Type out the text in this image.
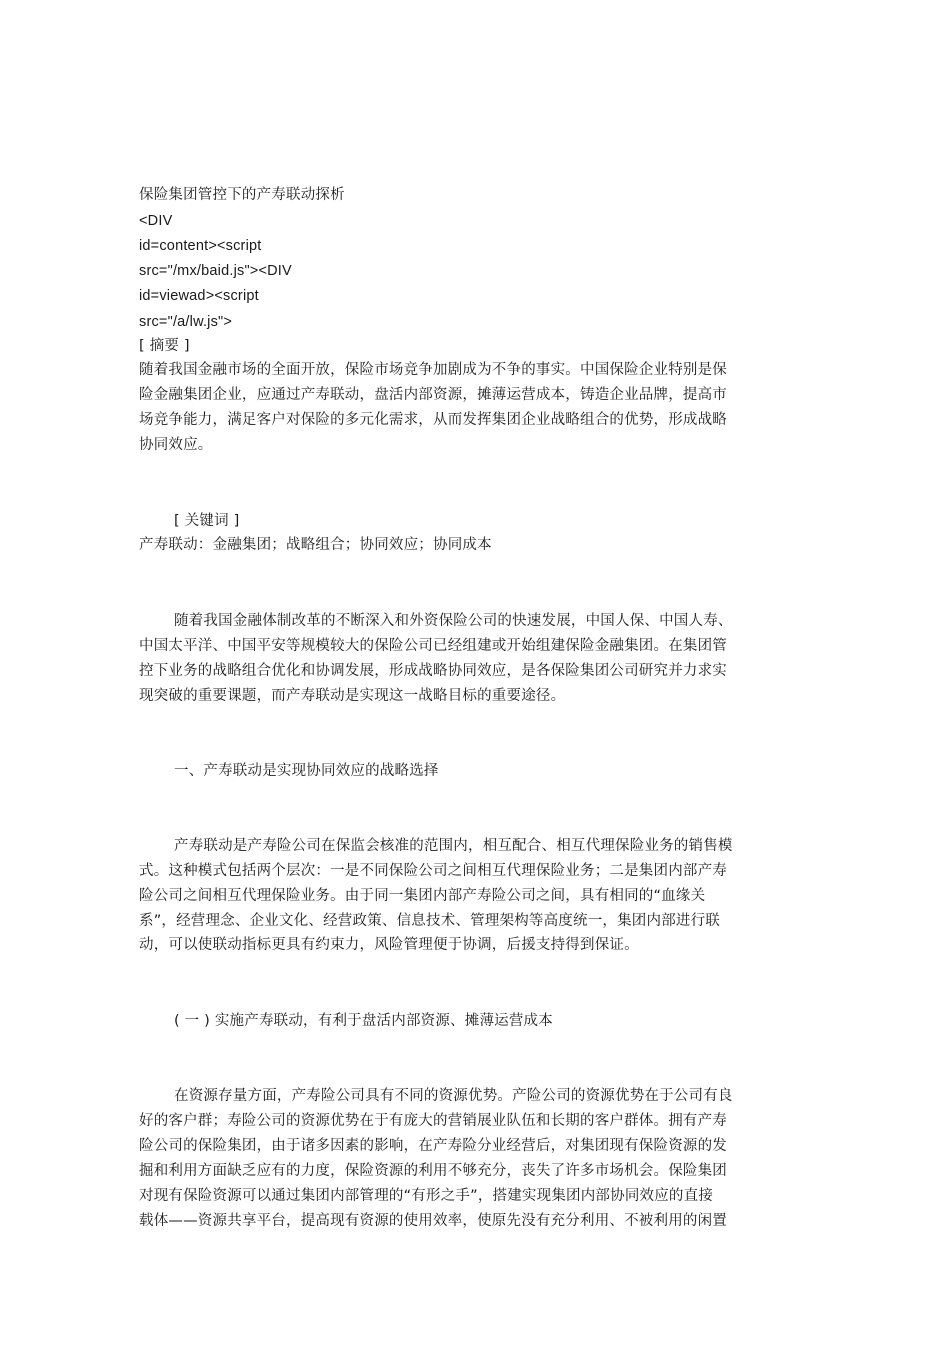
保险集团管控下的产寿联动探析
<DIV
id=content><script
src="/mx/baid.js"><DIV
id=viewad><script
src="/a/lw.js">
[ 摘要 ]
随着我国金融市场的全面开放，保险市场竞争加剧成为不争的事实。中国保险企业特别是保
险金融集团企业，应通过产寿联动，盘活内部资源，摊薄运营成本，铸造企业品牌，提高市
场竞争能力，满足客户对保险的多元化需求，从而发挥集团企业战略组合的优势，形成战略
协同效应。
[ 关键词 ]
产寿联动：金融集团；战略组合；协同效应；协同成本
随着我国金融体制改革的不断深入和外资保险公司的快速发展，中国人保、中国人寿、
中国太平洋、中国平安等规模较大的保险公司已经组建或开始组建保险金融集团。在集团管
控下业务的战略组合优化和协调发展，形成战略协同效应，是各保险集团公司研究并力求实
现突破的重要课题，而产寿联动是实现这一战略目标的重要途径。
一、产寿联动是实现协同效应的战略选择
产寿联动是产寿险公司在保监会核准的范围内，相互配合、相互代理保险业务的销售模
式。这种模式包括两个层次：一是不同保险公司之间相互代理保险业务；二是集团内部产寿
险公司之间相互代理保险业务。由于同一集团内部产寿险公司之间，具有相同的“血缘关
系”，经营理念、企业文化、经营政策、信息技术、管理架构等高度统一，集团内部进行联
动，可以使联动指标更具有约束力，风险管理便于协调，后援支持得到保证。
( 一 ) 实施产寿联动，有利于盘活内部资源、摊薄运营成本
在资源存量方面，产寿险公司具有不同的资源优势。产险公司的资源优势在于公司有良
好的客户群；寿险公司的资源优势在于有庞大的营销展业队伍和长期的客户群体。拥有产寿
险公司的保险集团，由于诸多因素的影响，在产寿险分业经营后，对集团现有保险资源的发
掘和利用方面缺乏应有的力度，保险资源的利用不够充分，丧失了许多市场机会。保险集团
对现有保险资源可以通过集团内部管理的“有形之手”，搭建实现集团内部协同效应的直接
载体——资源共享平台，提高现有资源的使用效率，使原先没有充分利用、不被利用的闲置
